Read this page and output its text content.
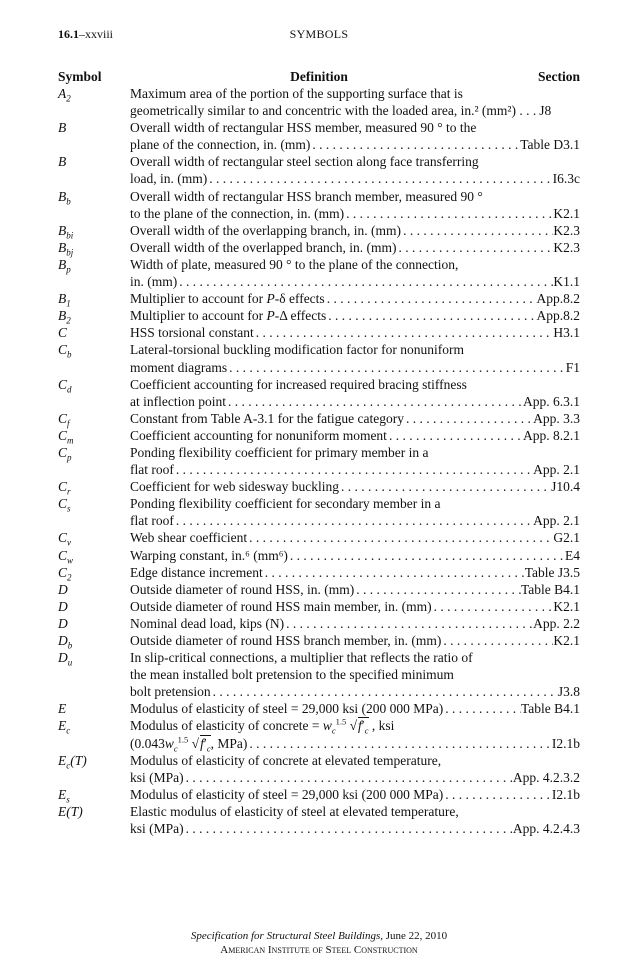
16.1–xxviii	SYMBOLS
Symbol	Definition	Section
$A_2$	Maximum area of the portion of the supporting surface that is
geometrically similar to and concentric with the loaded area, in.² (mm²) . . . J8
B	Overall width of rectangular HSS member, measured 90 ° to the
plane of the connection, in. (mm) . . .	Table D3.1
B	Overall width of rectangular steel section along face transferring
load, in. (mm) . . .	I6.3c
$B_b$	Overall width of rectangular HSS branch member, measured 90 °
to the plane of the connection, in. (mm) . . .	K2.1
$B_{bi}$	Overall width of the overlapping branch, in. (mm) . . .	K2.3
$B_{bj}$	Overall width of the overlapped branch, in. (mm) . . .	K2.3
$B_p$	Width of plate, measured 90 ° to the plane of the connection,
in. (mm) . . .	K1.1
$B_1$	Multiplier to account for P-δ effects . . .	App.8.2
$B_2$	Multiplier to account for P-Δ effects . . .	App.8.2
C	HSS torsional constant . . .	H3.1
$C_b$	Lateral-torsional buckling modification factor for nonuniform
moment diagrams . . .	F1
$C_d$	Coefficient accounting for increased required bracing stiffness
at inflection point . . .	App. 6.3.1
$C_f$	Constant from Table A-3.1 for the fatigue category . . .	App. 3.3
$C_m$	Coefficient accounting for nonuniform moment . . .	App. 8.2.1
$C_p$	Ponding flexibility coefficient for primary member in a
flat roof . . .	App. 2.1
$C_r$	Coefficient for web sidesway buckling . . .	J10.4
$C_s$	Ponding flexibility coefficient for secondary member in a
flat roof . . .	App. 2.1
$C_v$	Web shear coefficient . . .	G2.1
$C_w$	Warping constant, in.⁶ (mm⁶) . . .	E4
$C_2$	Edge distance increment . . .	Table J3.5
D	Outside diameter of round HSS, in. (mm) . . .	Table B4.1
D	Outside diameter of round HSS main member, in. (mm) . . .	K2.1
D	Nominal dead load, kips (N) . . .	App. 2.2
$D_b$	Outside diameter of round HSS branch member, in. (mm) . . .	K2.1
$D_u$	In slip-critical connections, a multiplier that reflects the ratio of
the mean installed bolt pretension to the specified minimum
bolt pretension . . .	J3.8
E	Modulus of elasticity of steel = 29,000 ksi (200 000 MPa) . . .	Table B4.1
$E_c$	Modulus of elasticity of concrete = $w_c^{1.5}$ $√f'_c$ , ksi
($0.043w_c^{1.5}$ $√f'_c$, MPa) . . .	I2.1b
$E_c(T)$	Modulus of elasticity of concrete at elevated temperature,
ksi (MPa) . . .	App. 4.2.3.2
$E_s$	Modulus of elasticity of steel = 29,000 ksi (200 000 MPa) . . .	I2.1b
E(T)	Elastic modulus of elasticity of steel at elevated temperature,
ksi (MPa) . . .	App. 4.2.4.3
Specification for Structural Steel Buildings, June 22, 2010
American Institute of Steel Construction
